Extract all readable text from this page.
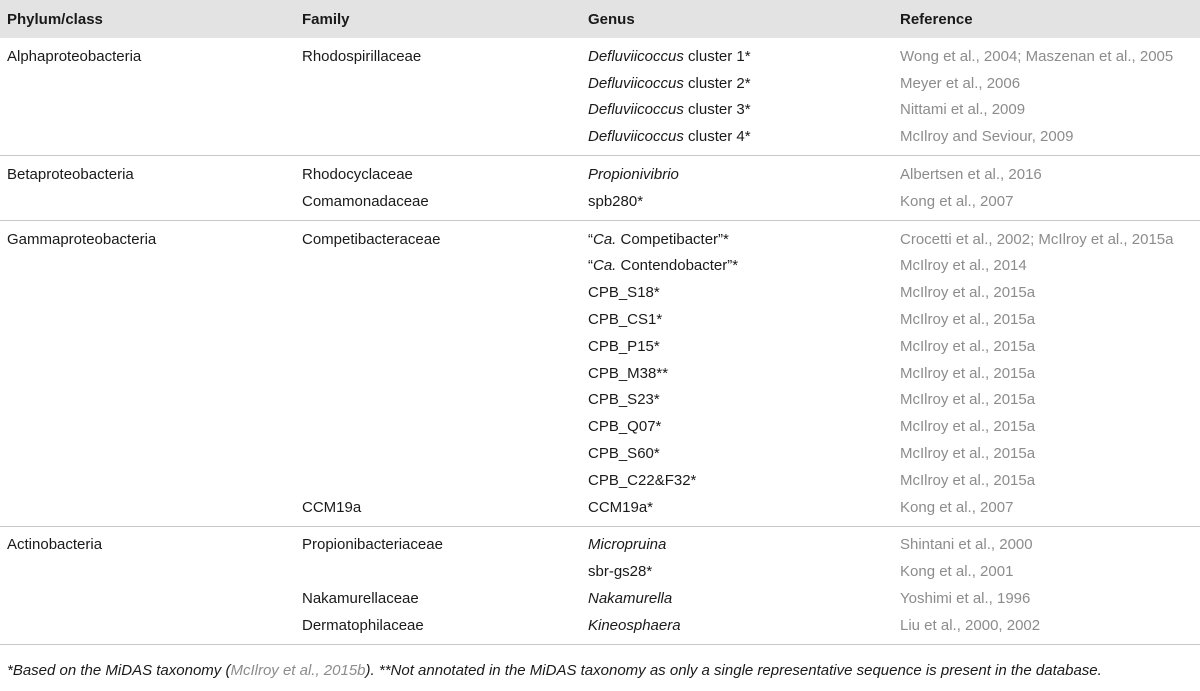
Phylum/class	Family	Genus	Reference
Alphaproteobacteria	Rhodospirillaceae	Defluviicoccus cluster 1*	Wong et al., 2004; Maszenan et al., 2005
		Defluviicoccus cluster 2*	Meyer et al., 2006
		Defluviicoccus cluster 3*	Nittami et al., 2009
		Defluviicoccus cluster 4*	McIlroy and Seviour, 2009
Betaproteobacteria	Rhodocyclaceae	Propionivibrio	Albertsen et al., 2016
	Comamonadaceae	spb280*	Kong et al., 2007
Gammaproteobacteria	Competibacteraceae	“Ca. Competibacter”*	Crocetti et al., 2002; McIlroy et al., 2015a
		“Ca. Contendobacter”*	McIlroy et al., 2014
		CPB_S18*	McIlroy et al., 2015a
		CPB_CS1*	McIlroy et al., 2015a
		CPB_P15*	McIlroy et al., 2015a
		CPB_M38**	McIlroy et al., 2015a
		CPB_S23*	McIlroy et al., 2015a
		CPB_Q07*	McIlroy et al., 2015a
		CPB_S60*	McIlroy et al., 2015a
		CPB_C22&F32*	McIlroy et al., 2015a
	CCM19a	CCM19a*	Kong et al., 2007
Actinobacteria	Propionibacteriaceae	Micropruina	Shintani et al., 2000
		sbr-gs28*	Kong et al., 2001
	Nakamurellaceae	Nakamurella	Yoshimi et al., 1996
	Dermatophilaceae	Kineosphaera	Liu et al., 2000, 2002
*Based on the MiDAS taxonomy (McIlroy et al., 2015b). **Not annotated in the MiDAS taxonomy as only a single representative sequence is present in the database.
